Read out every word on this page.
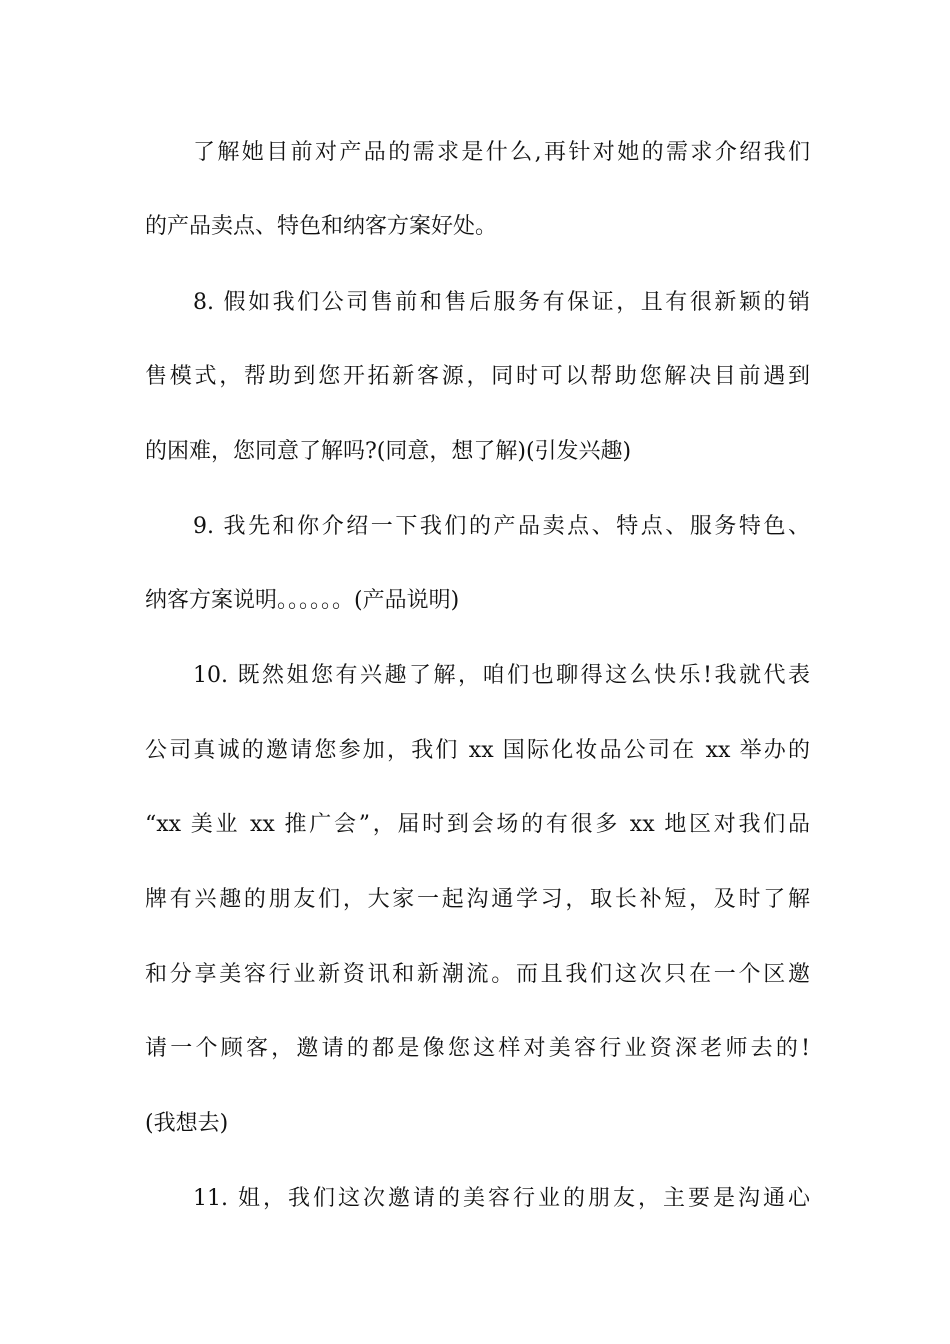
了解她目前对产品的需求是什么,再针对她的需求介绍我们
的产品卖点、特色和纳客方案好处。
8. 假如我们公司售前和售后服务有保证，且有很新颖的销
售模式，帮助到您开拓新客源，同时可以帮助您解决目前遇到
的困难，您同意了解吗?(同意，想了解)(引发兴趣)
9. 我先和你介绍一下我们的产品卖点、特点、服务特色、
纳客方案说明。。。。。。(产品说明)
10. 既然姐您有兴趣了解，咱们也聊得这么快乐!我就代表
公司真诚的邀请您参加，我们 xx 国际化妆品公司在 xx 举办的
“xx 美业 xx 推广会”，届时到会场的有很多 xx 地区对我们品
牌有兴趣的朋友们，大家一起沟通学习，取长补短，及时了解
和分享美容行业新资讯和新潮流。而且我们这次只在一个区邀
请一个顾客，邀请的都是像您这样对美容行业资深老师去的!
(我想去)
11. 姐，我们这次邀请的美容行业的朋友，主要是沟通心
